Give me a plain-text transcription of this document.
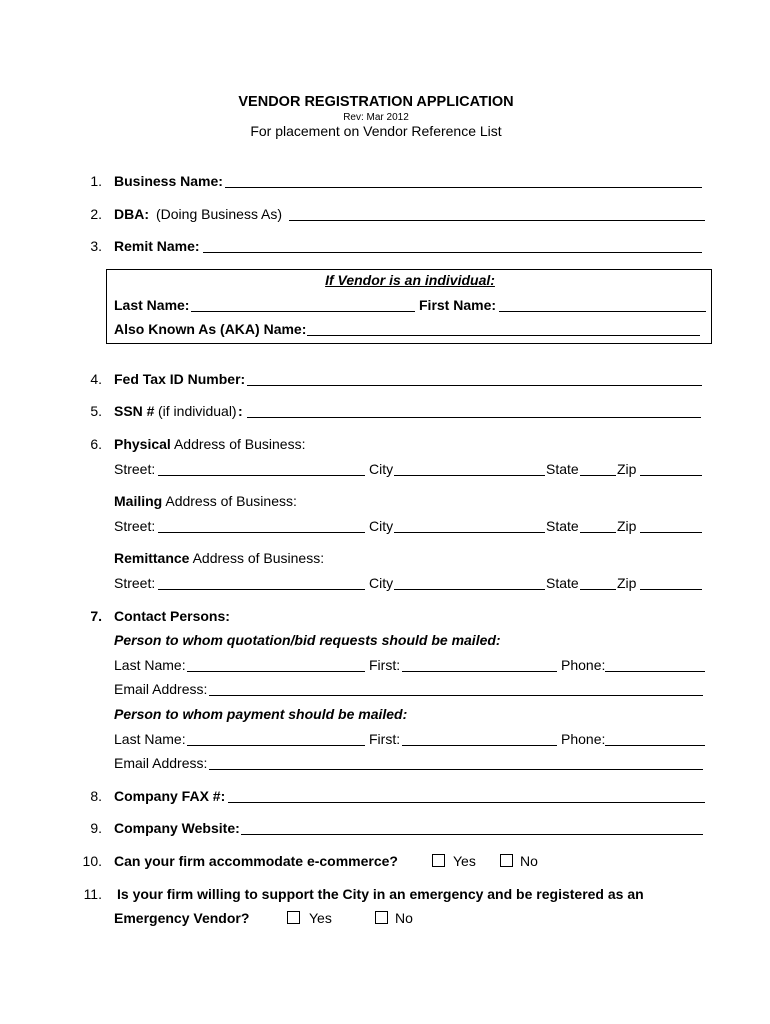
VENDOR REGISTRATION APPLICATION
Rev: Mar 2012
For placement on Vendor Reference List
1. Business Name:
2. DBA: (Doing Business As)
3. Remit Name:
If Vendor is an individual:
Last Name:	First Name:
Also Known As (AKA) Name:
4. Fed Tax ID Number:
5. SSN # (if individual) :
6. Physical Address of Business:
Street:	City	State	Zip
Mailing Address of Business:
Street:	City	State	Zip
Remittance Address of Business:
Street:	City	State	Zip
7. Contact Persons:
Person to whom quotation/bid requests should be mailed:
Last Name:	First:	Phone:
Email Address:
Person to whom payment should be mailed:
Last Name:	First:	Phone:
Email Address:
8. Company FAX #:
9. Company Website:
10. Can your firm accommodate e-commerce?	Yes	No
11. Is your firm willing to support the City in an emergency and be registered as an
Emergency Vendor?	Yes	No
